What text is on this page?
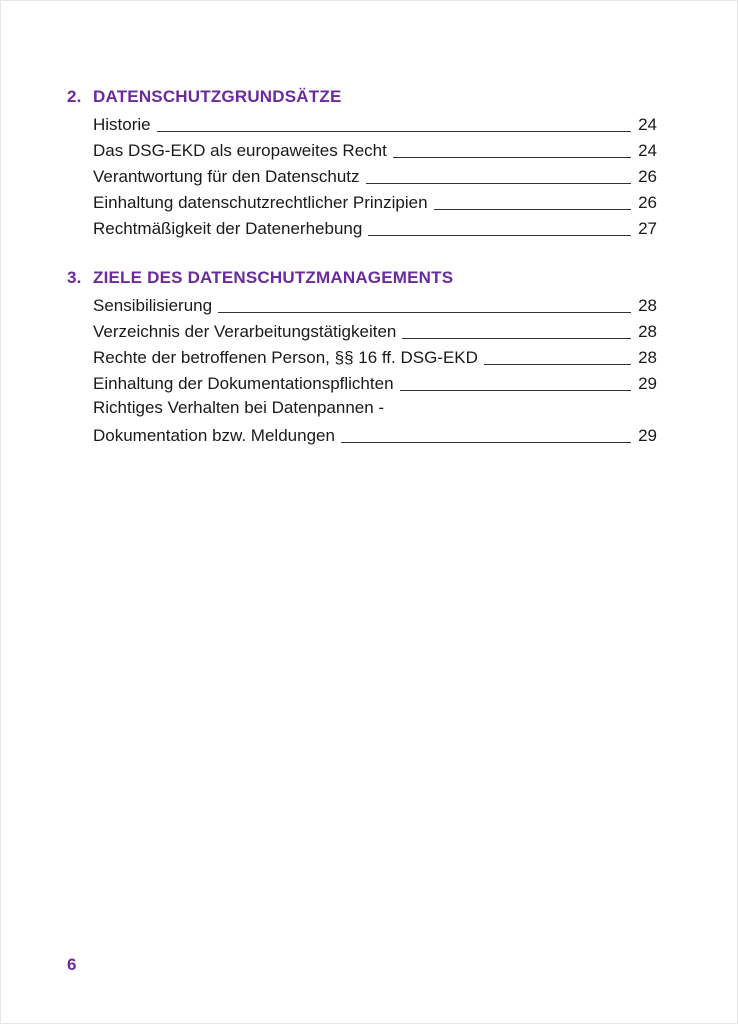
2. DATENSCHUTZGRUNDSÄTZE
Historie	24
Das DSG-EKD als europaweites Recht	24
Verantwortung für den Datenschutz	26
Einhaltung datenschutzrechtlicher Prinzipien	26
Rechtmäßigkeit der Datenerhebung	27
3. ZIELE DES DATENSCHUTZMANAGEMENTS
Sensibilisierung	28
Verzeichnis der Verarbeitungstätigkeiten	28
Rechte der betroffenen Person, §§ 16 ff. DSG-EKD	28
Einhaltung der Dokumentationspflichten	29
Richtiges Verhalten bei Datenpannen -
Dokumentation bzw. Meldungen	29
6
